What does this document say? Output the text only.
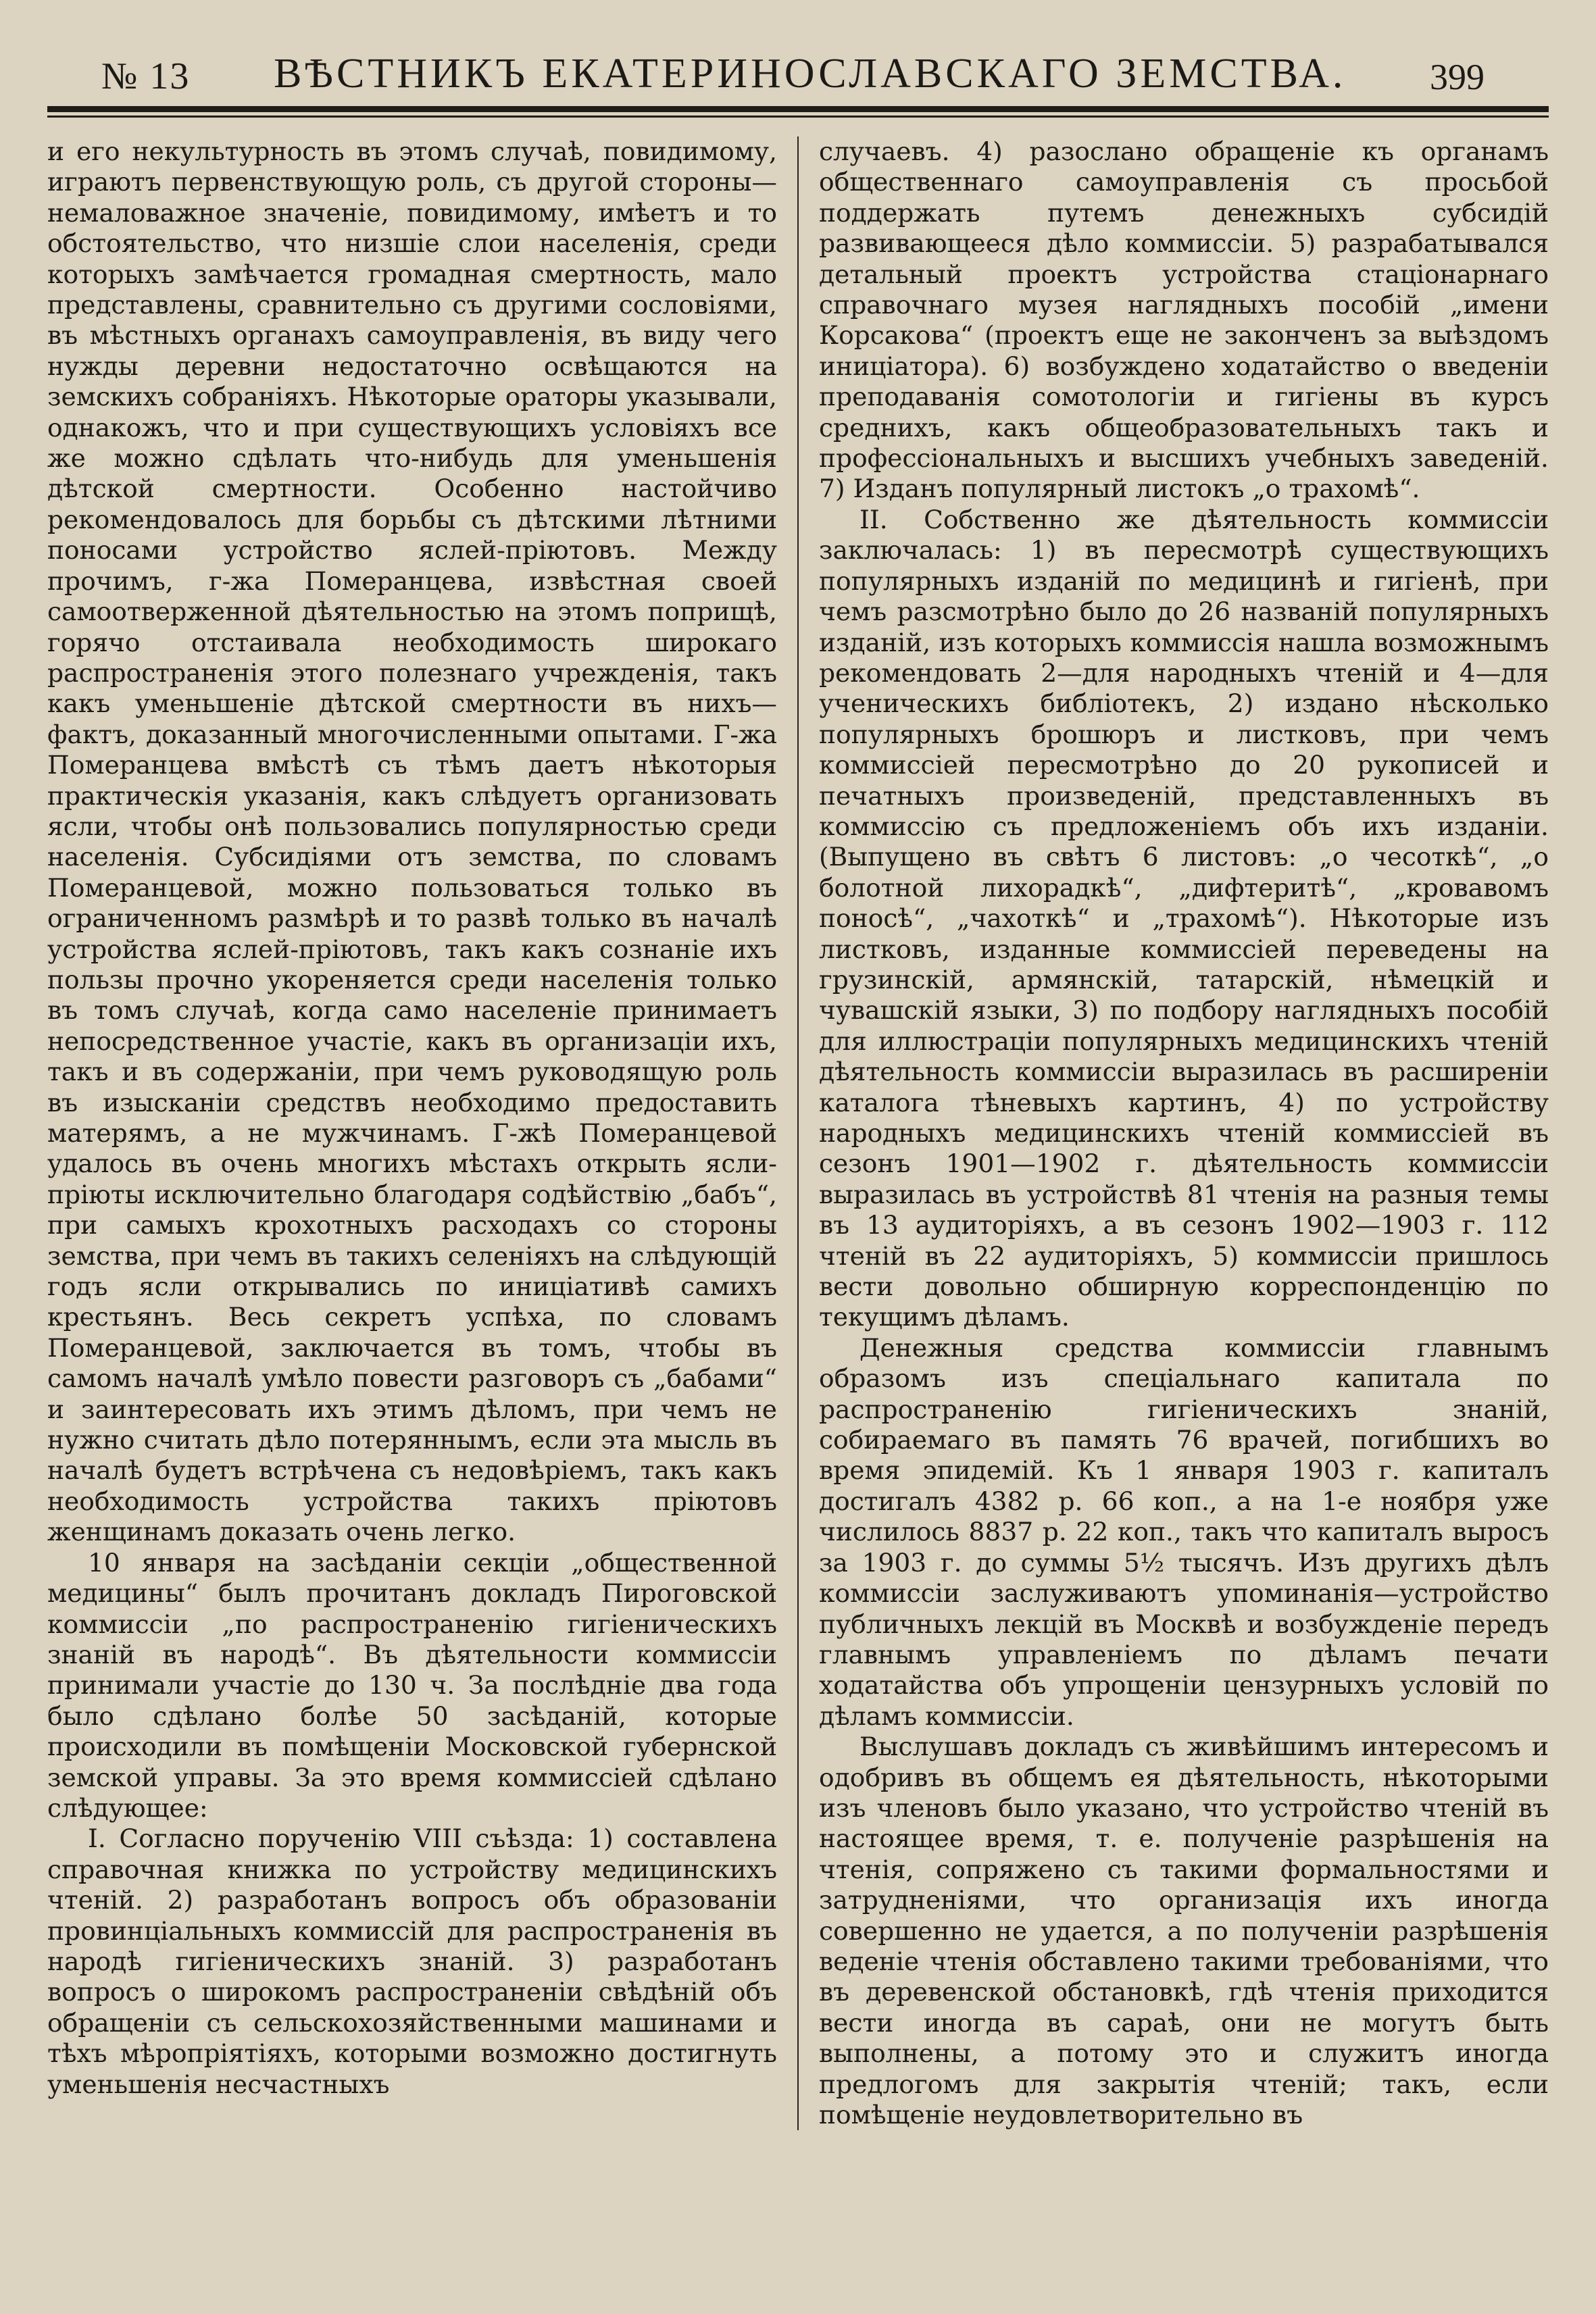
№ 13 ВѢСТНИКЪ ЕКАТЕРИНОСЛАВСКАГО ЗЕМСТВА. 399

и его некультурность въ этомъ случаѣ, повидимому, играютъ первенствующую роль, съ другой стороны—немаловажное значеніе, повидимому, имѣетъ и то обстоятельство, что низшіе слои населенія, среди которыхъ замѣчается громадная смертность, мало представлены, сравнительно съ другими сословіями, въ мѣстныхъ органахъ самоуправленія, въ виду чего нужды деревни недостаточно освѣщаются на земскихъ собраніяхъ. Нѣкоторые ораторы указывали, однакожъ, что и при существующихъ условіяхъ все же можно сдѣлать что-нибудь для уменьшенія дѣтской смертности. Особенно настойчиво рекомендовалось для борьбы съ дѣтскими лѣтними поносами устройство яслей-пріютовъ. Между прочимъ, г-жа Померанцева, извѣстная своей самоотверженной дѣятельностью на этомъ поприщѣ, горячо отстаивала необходимость широкаго распространенія этого полезнаго учрежденія, такъ какъ уменьшеніе дѣтской смертности въ нихъ—фактъ, доказанный многочисленными опытами. Г-жа Померанцева вмѣстѣ съ тѣмъ даетъ нѣкоторыя практическія указанія, какъ слѣдуетъ организовать ясли, чтобы онѣ пользовались популярностью среди населенія. Субсидіями отъ земства, по словамъ Померанцевой, можно пользоваться только въ ограниченномъ размѣрѣ и то развѣ только въ началѣ устройства яслей-пріютовъ, такъ какъ сознаніе ихъ пользы прочно укореняется среди населенія только въ томъ случаѣ, когда само населеніе принимаетъ непосредственное участіе, какъ въ организаціи ихъ, такъ и въ содержаніи, при чемъ руководящую роль въ изысканіи средствъ необходимо предоставить матерямъ, а не мужчинамъ. Г-жѣ Померанцевой удалось въ очень многихъ мѣстахъ открыть ясли-пріюты исключительно благодаря содѣйствію „бабъ“, при самыхъ крохотныхъ расходахъ со стороны земства, при чемъ въ такихъ селеніяхъ на слѣдующій годъ ясли открывались по иниціативѣ самихъ крестьянъ. Весь секретъ успѣха, по словамъ Померанцевой, заключается въ томъ, чтобы въ самомъ началѣ умѣло повести разговоръ съ „бабами“ и заинтересовать ихъ этимъ дѣломъ, при чемъ не нужно считать дѣло потеряннымъ, если эта мысль въ началѣ будетъ встрѣчена съ недовѣріемъ, такъ какъ необходимость устройства такихъ пріютовъ женщинамъ доказать очень легко.

10 января на засѣданіи секціи „общественной медицины“ былъ прочитанъ докладъ Пироговской коммиссіи „по распространенію гигіеническихъ знаній въ народѣ“. Въ дѣятельности коммиссіи принимали участіе до 130 ч. За послѣдніе два года было сдѣлано болѣе 50 засѣданій, которые происходили въ помѣщеніи Московской губернской земской управы. За это время коммиссіей сдѣлано слѣдующее:

I. Согласно порученію VIII съѣзда: 1) составлена справочная книжка по устройству медицинскихъ чтеній. 2) разработанъ вопросъ объ образованіи провинціальныхъ коммиссій для распространенія въ народѣ гигіеническихъ знаній. 3) разработанъ вопросъ о широкомъ распространеніи свѣдѣній объ обращеніи съ сельскохозяйственными машинами и тѣхъ мѣропріятіяхъ, которыми возможно достигнуть уменьшенія несчастныхъ

случаевъ. 4) разослано обращеніе къ органамъ общественнаго самоуправленія съ просьбой поддержать путемъ денежныхъ субсидій развивающееся дѣло коммиссіи. 5) разрабатывался детальный проектъ устройства стаціонарнаго справочнаго музея наглядныхъ пособій „имени Корсакова“ (проектъ еще не законченъ за выѣздомъ иниціатора). 6) возбуждено ходатайство о введеніи преподаванія сомотологіи и гигіены въ курсъ среднихъ, какъ общеобразовательныхъ такъ и профессіональныхъ и высшихъ учебныхъ заведеній. 7) Изданъ популярный листокъ „о трахомѣ“.

II. Собственно же дѣятельность коммиссіи заключалась: 1) въ пересмотрѣ существующихъ популярныхъ изданій по медицинѣ и гигіенѣ, при чемъ разсмотрѣно было до 26 названій популярныхъ изданій, изъ которыхъ коммиссія нашла возможнымъ рекомендовать 2—для народныхъ чтеній и 4—для ученическихъ библіотекъ, 2) издано нѣсколько популярныхъ брошюръ и листковъ, при чемъ коммиссіей пересмотрѣно до 20 рукописей и печатныхъ произведеній, представленныхъ въ коммиссію съ предложеніемъ объ ихъ изданіи. (Выпущено въ свѣтъ 6 листовъ: „о чесоткѣ“, „о болотной лихорадкѣ“, „дифтеритѣ“, „кровавомъ поносѣ“, „чахоткѣ“ и „трахомѣ“). Нѣкоторые изъ листковъ, изданные коммиссіей переведены на грузинскій, армянскій, татарскій, нѣмецкій и чувашскій языки, 3) по подбору наглядныхъ пособій для иллюстраціи популярныхъ медицинскихъ чтеній дѣятельность коммиссіи выразилась въ расширеніи каталога тѣневыхъ картинъ, 4) по устройству народныхъ медицинскихъ чтеній коммиссіей въ сезонъ 1901—1902 г. дѣятельность коммиссіи выразилась въ устройствѣ 81 чтенія на разныя темы въ 13 аудиторіяхъ, а въ сезонъ 1902—1903 г. 112 чтеній въ 22 аудиторіяхъ, 5) коммиссіи пришлось вести довольно обширную корреспонденцію по текущимъ дѣламъ.

Денежныя средства коммиссіи главнымъ образомъ изъ спеціальнаго капитала по распространенію гигіеническихъ знаній, собираемаго въ память 76 врачей, погибшихъ во время эпидемій. Къ 1 января 1903 г. капиталъ достигалъ 4382 р. 66 коп., а на 1-е ноября уже числилось 8837 р. 22 коп., такъ что капиталъ выросъ за 1903 г. до суммы 5½ тысячъ. Изъ другихъ дѣлъ коммиссіи заслуживаютъ упоминанія—устройство публичныхъ лекцій въ Москвѣ и возбужденіе передъ главнымъ управленіемъ по дѣламъ печати ходатайства объ упрощеніи цензурныхъ условій по дѣламъ коммиссіи.

Выслушавъ докладъ съ живѣйшимъ интересомъ и одобривъ въ общемъ ея дѣятельность, нѣкоторыми изъ членовъ было указано, что устройство чтеній въ настоящее время, т. е. полученіе разрѣшенія на чтенія, сопряжено съ такими формальностями и затрудненіями, что организація ихъ иногда совершенно не удается, а по полученіи разрѣшенія веденіе чтенія обставлено такими требованіями, что въ деревенской обстановкѣ, гдѣ чтенія приходится вести иногда въ сараѣ, они не могутъ быть выполнены, а потому это и служитъ иногда предлогомъ для закрытія чтеній; такъ, если помѣщеніе неудовлетворительно въ
